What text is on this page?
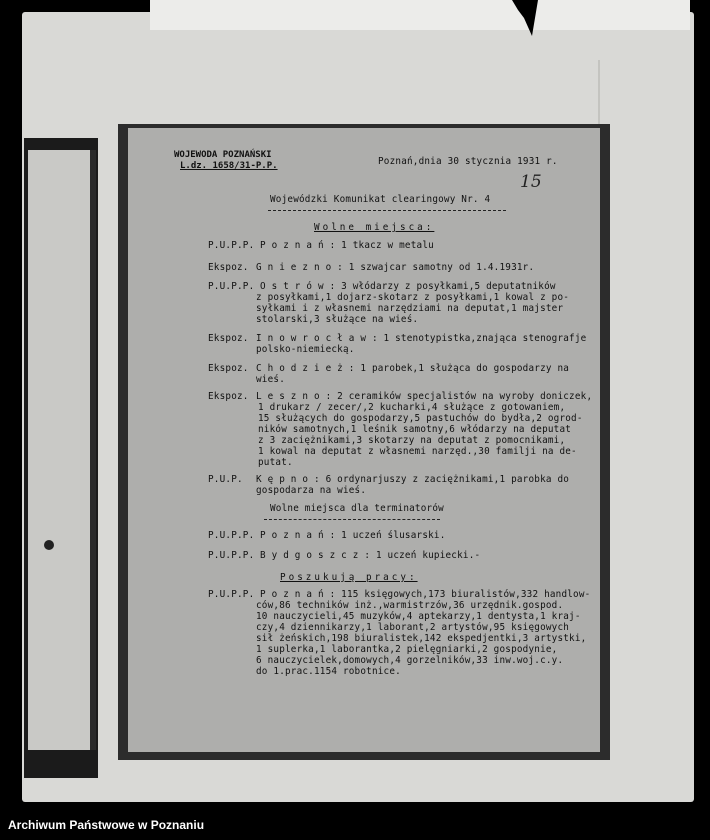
WOJEWODA POZNAŃSKI
L.dz. 1658/31-P.P.	Poznań,dnia 30 stycznia 1931 r.
15
Wojewódzki Komunikat clearingowy Nr. 4
Wolne miejsca:
P.U.P.P. P o z n a ń : 1 tkacz w metalu
Ekspoz. G n i e z n o : 1 szwajcar samotny od 1.4.1931r.
P.U.P.P. O s t r ó w : 3 włódarzy z posyłkami,5 deputatników
z posyłkami,1 dojarz-skotarz z posyłkami,1 kowal z po-
syłkami i z własnemi narzędziami na deputat,1 majster
stolarski,3 służące na wieś.
Ekspoz. I n o w r o c ł a w : 1 stenotypistka,znająca stenografje
polsko-niemiecką.
Ekspoz. C h o d z i e ż : 1 parobek,1 służąca do gospodarzy na
wieś.
Ekspoz. L e s z n o : 2 ceramików specjalistów na wyroby doniczek,
1 drukarz / zecer/,2 kucharki,4 służące z gotowaniem,
15 służących do gospodarzy,5 pastuchów do bydła,2 ogrod-
ników samotnych,1 leśnik samotny,6 włódarzy na deputat
z 3 zaciężnikami,3 skotarzy na deputat z pomocnikami,
1 kowal na deputat z własnemi narzęd.,30 familji na de-
putat.
P.U.P. K ę p n o : 6 ordynarjuszy z zaciężnikami,1 parobka do
gospodarza na wieś.
Wolne miejsca dla terminatorów
P.U.P.P. P o z n a ń : 1 uczeń ślusarski.
P.U.P.P. B y d g o s z c z : 1 uczeń kupiecki.-
Poszukują pracy:
P.U.P.P. P o z n a ń : 115 księgowych,173 biuralistów,332 handlow-
ców,86 techników inż.,warmistrzów,36 urzędnik.gospod.
10 nauczycieli,45 muzyków,4 aptekarzy,1 dentysta,1 kraj-
czy,4 dziennikarzy,1 laborant,2 artystów,95 księgowych
sił żeńskich,198 biuralistek,142 ekspedjentki,3 artystki,
1 suplerka,1 laborantka,2 pielęgniarki,2 gospodynie,
6 nauczycielek,domowych,4 gorzelników,33 inw.woj.c.y.
do 1.prac.1154 robotnice.
Archiwum Państwowe w Poznaniu
